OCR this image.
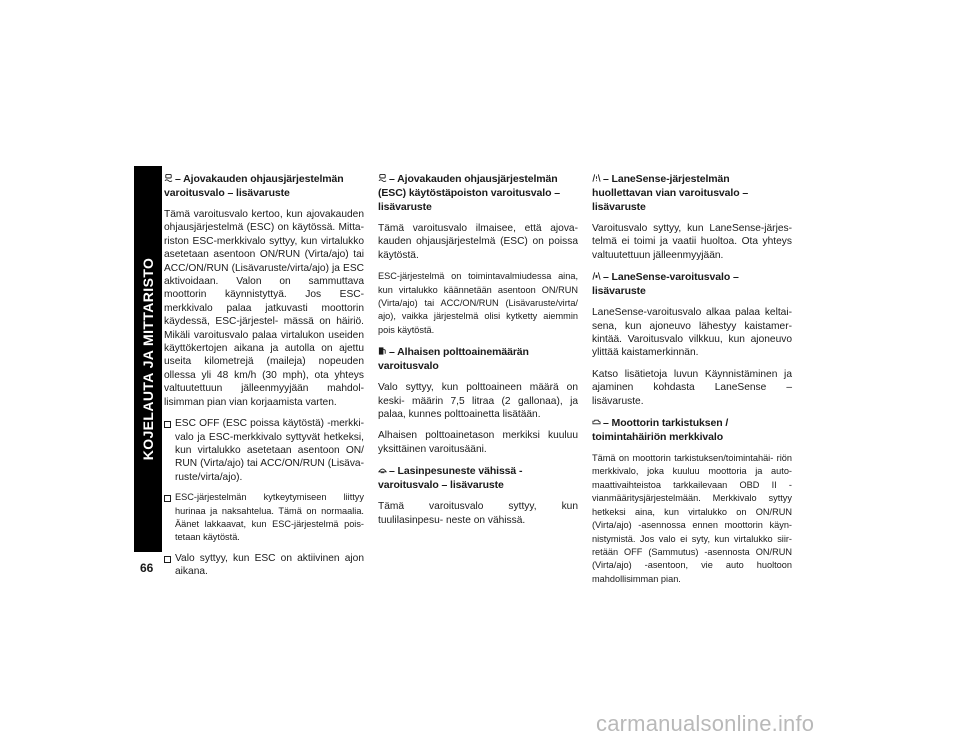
KOJELAUTA JA MITTARISTO
66
– Ajovakauden ohjausjärjestelmän varoitusvalo – lisävaruste

Tämä varoitusvalo kertoo, kun ajovakauden ohjausjärjestelmä (ESC) on käytössä. Mitta- riston ESC-merkkivalo syttyy, kun virtalukko asetetaan asentoon ON/RUN (Virta/ajo) tai ACC/ON/RUN (Lisävaruste/virta/ajo) ja ESC aktivoidaan. Valon on sammuttava moottorin käynnistyttyä. Jos ESC-merkkivalo palaa jatkuvasti moottorin käydessä, ESC-järjestel- mässä on häiriö. Mikäli varoitusvalo palaa virtalukon useiden käyttökertojen aikana ja autolla on ajettu useita kilometrejä (maileja) nopeuden ollessa yli 48 km/h (30 mph), ota yhteys valtuutettuun jälleenmyyjään mahdol- lisimman pian vian korjaamista varten.

ESC OFF (ESC poissa käytöstä) -merkki- valo ja ESC-merkkivalo syttyvät hetkeksi, kun virtalukko asetetaan asentoon ON/ RUN (Virta/ajo) tai ACC/ON/RUN (Lisäva- ruste/virta/ajo).
ESC-järjestelmän kytkeytymiseen liittyy hurinaa ja naksahtelua. Tämä on normaalia. Äänet lakkaavat, kun ESC-järjestelmä pois- tetaan käytöstä.
Valo syttyy, kun ESC on aktiivinen ajon aikana.
– Ajovakauden ohjausjärjestelmän (ESC) käytöstäpoiston varoitusvalo – lisävaruste

Tämä varoitusvalo ilmaisee, että ajova- kauden ohjausjärjestelmä (ESC) on poissa käytöstä.

ESC-järjestelmä on toimintavalmiudessa aina, kun virtalukko käännetään asentoon ON/RUN (Virta/ajo) tai ACC/ON/RUN (Lisävaruste/virta/ ajo), vaikka järjestelmä olisi kytketty aiemmin pois käytöstä.

– Alhaisen polttoainemäärän varoitusvalo

Valo syttyy, kun polttoaineen määrä on keski- määrin 7,5 litraa (2 gallonaa), ja palaa, kunnes polttoainetta lisätään.

Alhaisen polttoainetason merkiksi kuuluu yksittäinen varoitusääni.

– Lasinpesuneste vähissä -varoitusvalo – lisävaruste

Tämä varoitusvalo syttyy, kun tuulilasinpesu- neste on vähissä.

– LaneSense-järjestelmän huollettavan vian varoitusvalo – lisävaruste

Varoitusvalo syttyy, kun LaneSense-järjes- telmä ei toimi ja vaatii huoltoa. Ota yhteys valtuutettuun jälleenmyyjään.

– LaneSense-varoitusvalo – lisävaruste

LaneSense-varoitusvalo alkaa palaa keltai- sena, kun ajoneuvo lähestyy kaistamer- kintää. Varoitusvalo vilkkuu, kun ajoneuvo ylittää kaistamerkinnän.

Katso lisätietoja luvun Käynnistäminen ja ajaminen kohdasta LaneSense – lisävaruste.

– Moottorin tarkistuksen / toimintahäiriön merkkivalo

Tämä on moottorin tarkistuksen/toimintahäi- riön merkkivalo, joka kuuluu moottoria ja auto- maattivaihteistoa tarkkailevaan OBD II -vianmääritysjärjestelmään. Merkkivalo syttyy hetkeksi aina, kun virtalukko on ON/RUN (Virta/ajo) -asennossa ennen moottorin käyn- nistymistä. Jos valo ei syty, kun virtalukko siir- retään OFF (Sammutus) -asennosta ON/RUN (Virta/ajo) -asentoon, vie auto huoltoon mahdollisimman pian.

carmanualsonline.info
